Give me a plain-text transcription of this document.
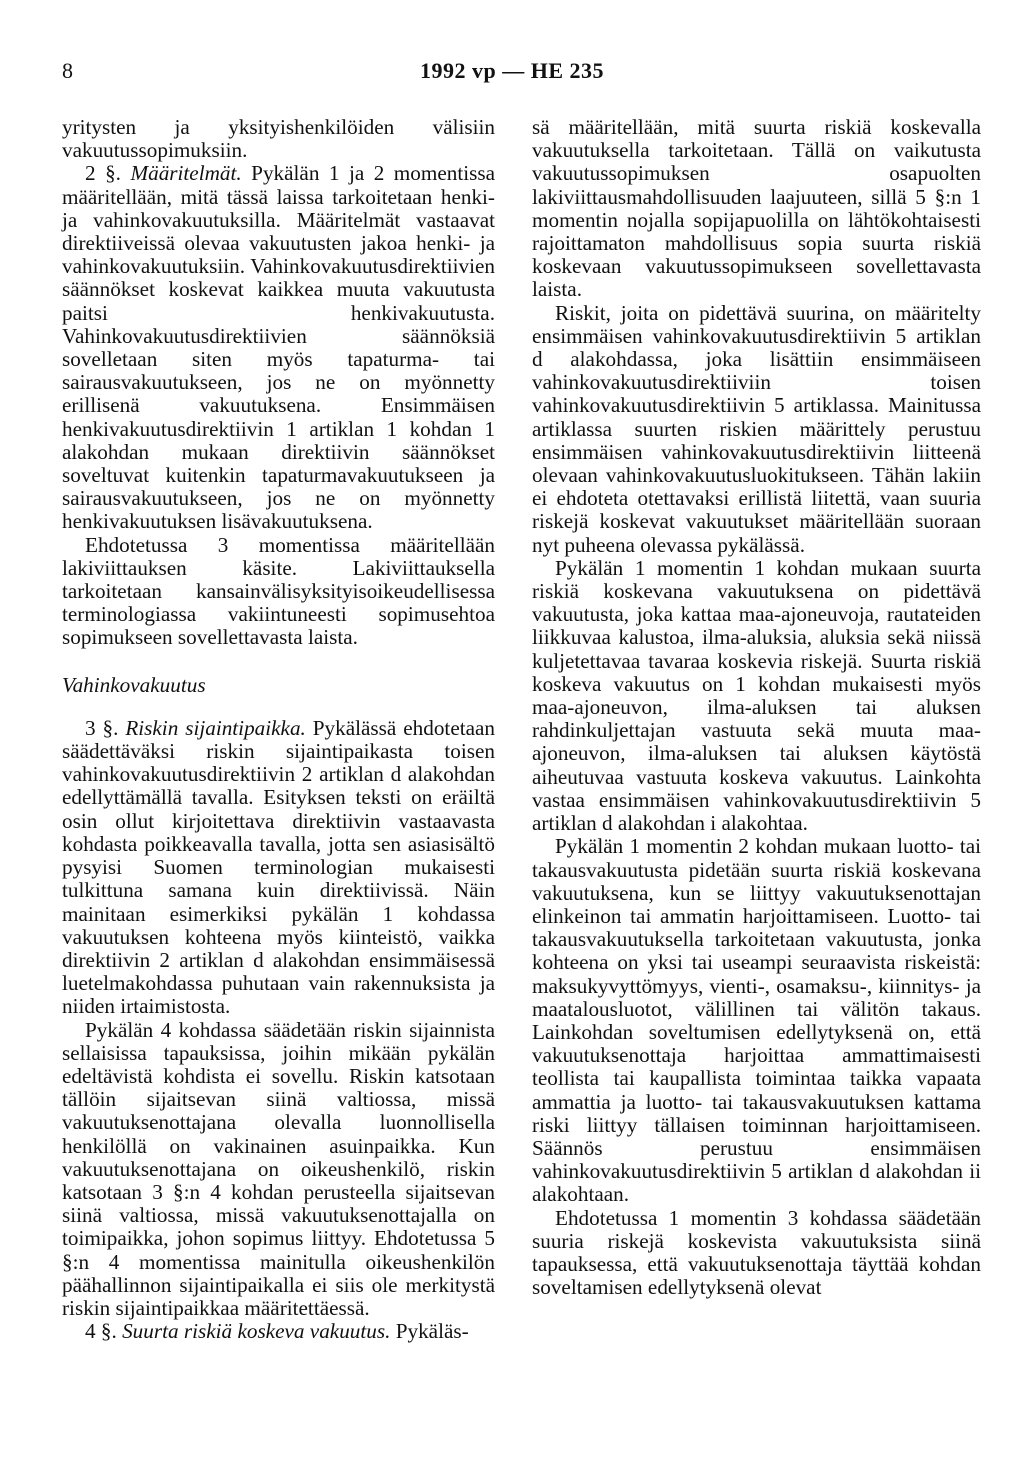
8	1992 vp — HE 235

yritysten ja yksityishenkilöiden välisiin vakuutussopimuksiin.

2 §. Määritelmät. Pykälän 1 ja 2 momentissa määritellään, mitä tässä laissa tarkoitetaan henki- ja vahinkovakuutuksilla. Määritelmät vastaavat direktiiveissä olevaa vakuutusten jakoa henki- ja vahinkovakuutuksiin. Vahinkovakuutusdirektiivien säännökset koskevat kaikkea muuta vakuutusta paitsi henkivakuutusta. Vahinkovakuutusdirektiivien säännöksiä sovelletaan siten myös tapaturma- tai sairausvakuutukseen, jos ne on myönnetty erillisenä vakuutuksena. Ensimmäisen henkivakuutusdirektiivin 1 artiklan 1 kohdan 1 alakohdan mukaan direktiivin säännökset soveltuvat kuitenkin tapaturmavakuutukseen ja sairausvakuutukseen, jos ne on myönnetty henkivakuutuksen lisävakuutuksena.

Ehdotetussa 3 momentissa määritellään lakiviittauksen käsite. Lakiviittauksella tarkoitetaan kansainvälisyksityisoikeudellisessa terminologiassa vakiintuneesti sopimusehtoa sopimukseen sovellettavasta laista.

Vahinkovakuutus

3 §. Riskin sijaintipaikka. Pykälässä ehdotetaan säädettäväksi riskin sijaintipaikasta toisen vahinkovakuutusdirektiivin 2 artiklan d alakohdan edellyttämällä tavalla. Esityksen teksti on eräiltä osin ollut kirjoitettava direktiivin vastaavasta kohdasta poikkeavalla tavalla, jotta sen asiasisältö pysyisi Suomen terminologian mukaisesti tulkittuna samana kuin direktiivissä. Näin mainitaan esimerkiksi pykälän 1 kohdassa vakuutuksen kohteena myös kiinteistö, vaikka direktiivin 2 artiklan d alakohdan ensimmäisessä luetelmakohdassa puhutaan vain rakennuksista ja niiden irtaimistosta.

Pykälän 4 kohdassa säädetään riskin sijainnista sellaisissa tapauksissa, joihin mikään pykälän edeltävistä kohdista ei sovellu. Riskin katsotaan tällöin sijaitsevan siinä valtiossa, missä vakuutuksenottajana olevalla luonnollisella henkilöllä on vakinainen asuinpaikka. Kun vakuutuksenottajana on oikeushenkilö, riskin katsotaan 3 §:n 4 kohdan perusteella sijaitsevan siinä valtiossa, missä vakuutuksenottajalla on toimipaikka, johon sopimus liittyy. Ehdotetussa 5 §:n 4 momentissa mainitulla oikeushenkilön päähallinnon sijaintipaikalla ei siis ole merkitystä riskin sijaintipaikkaa määritettäessä.

4 §. Suurta riskiä koskeva vakuutus. Pykäläs-

sä määritellään, mitä suurta riskiä koskevalla vakuutuksella tarkoitetaan. Tällä on vaikutusta vakuutussopimuksen osapuolten lakiviittausmahdollisuuden laajuuteen, sillä 5 §:n 1 momentin nojalla sopijapuolilla on lähtökohtaisesti rajoittamaton mahdollisuus sopia suurta riskiä koskevaan vakuutussopimukseen sovellettavasta laista.

Riskit, joita on pidettävä suurina, on määritelty ensimmäisen vahinkovakuutusdirektiivin 5 artiklan d alakohdassa, joka lisättiin ensimmäiseen vahinkovakuutusdirektiiviin toisen vahinkovakuutusdirektiivin 5 artiklassa. Mainitussa artiklassa suurten riskien määrittely perustuu ensimmäisen vahinkovakuutusdirektiivin liitteenä olevaan vahinkovakuutusluokitukseen. Tähän lakiin ei ehdoteta otettavaksi erillistä liitettä, vaan suuria riskejä koskevat vakuutukset määritellään suoraan nyt puheena olevassa pykälässä.

Pykälän 1 momentin 1 kohdan mukaan suurta riskiä koskevana vakuutuksena on pidettävä vakuutusta, joka kattaa maa-ajoneuvoja, rautateiden liikkuvaa kalustoa, ilma-aluksia, aluksia sekä niissä kuljetettavaa tavaraa koskevia riskejä. Suurta riskiä koskeva vakuutus on 1 kohdan mukaisesti myös maa-ajoneuvon, ilma-aluksen tai aluksen rahdinkuljettajan vastuuta sekä muuta maa-ajoneuvon, ilma-aluksen tai aluksen käytöstä aiheutuvaa vastuuta koskeva vakuutus. Lainkohta vastaa ensimmäisen vahinkovakuutusdirektiivin 5 artiklan d alakohdan i alakohtaa.

Pykälän 1 momentin 2 kohdan mukaan luotto- tai takausvakuutusta pidetään suurta riskiä koskevana vakuutuksena, kun se liittyy vakuutuksenottajan elinkeinon tai ammatin harjoittamiseen. Luotto- tai takausvakuutuksella tarkoitetaan vakuutusta, jonka kohteena on yksi tai useampi seuraavista riskeistä: maksukyvyttömyys, vienti-, osamaksu-, kiinnitys- ja maatalousluotot, välillinen tai välitön takaus. Lainkohdan soveltumisen edellytyksenä on, että vakuutuksenottaja harjoittaa ammattimaisesti teollista tai kaupallista toimintaa taikka vapaata ammattia ja luotto- tai takausvakuutuksen kattama riski liittyy tällaisen toiminnan harjoittamiseen. Säännös perustuu ensimmäisen vahinkovakuutusdirektiivin 5 artiklan d alakohdan ii alakohtaan.

Ehdotetussa 1 momentin 3 kohdassa säädetään suuria riskejä koskevista vakuutuksista siinä tapauksessa, että vakuutuksenottaja täyttää kohdan soveltamisen edellytyksenä olevat
